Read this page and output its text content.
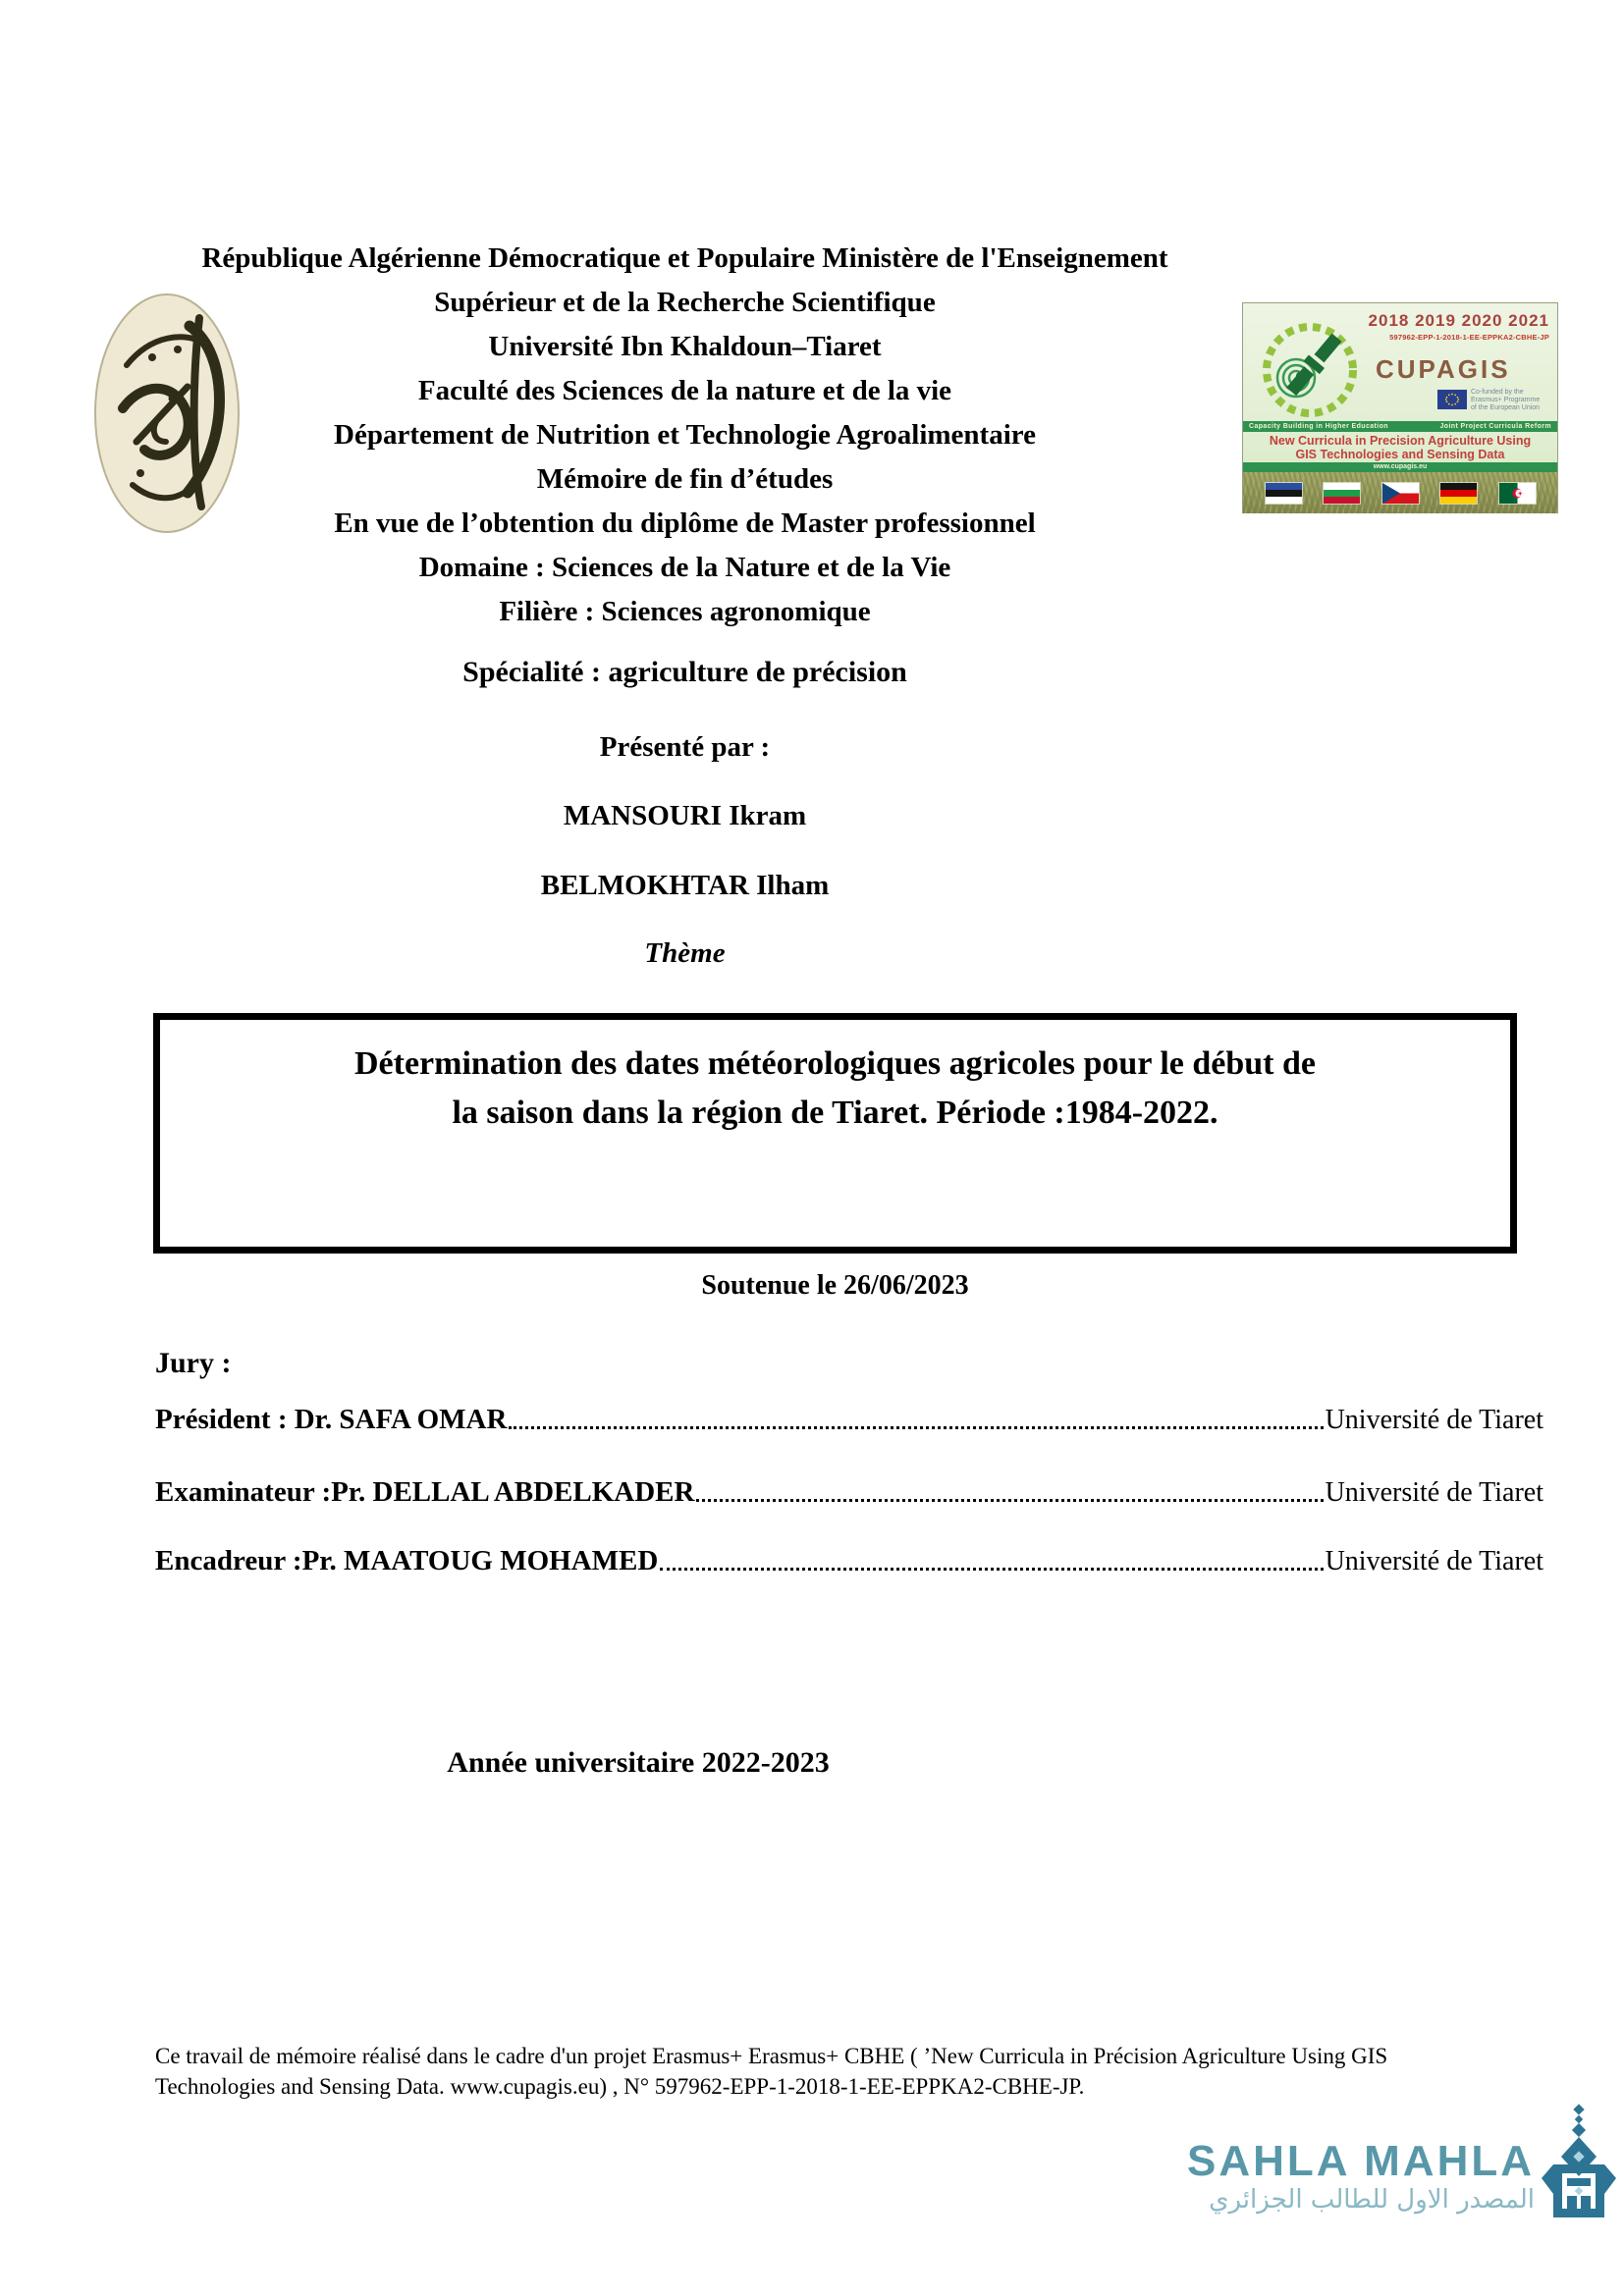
2018 2019 2020 2021
597962-EPP-1-2018-1-EE-EPPKA2-CBHE-JP
CUPAGIS
Co-funded by the
Erasmus+ Programme
of the European Union
Capacity Building in Higher Education	Joint Project Curricula Reform
New Curricula in Precision Agriculture Using
GIS Technologies and Sensing Data
www.cupagis.eu
République Algérienne Démocratique et Populaire Ministère de l'Enseignement
Supérieur et de la Recherche Scientifique
Université Ibn Khaldoun–Tiaret
Faculté des Sciences de la nature et de la vie
Département de Nutrition et Technologie Agroalimentaire
Mémoire de fin d’études
En vue de l’obtention du diplôme de Master professionnel
Domaine : Sciences de la Nature et de la Vie
Filière : Sciences agronomique
Spécialité : agriculture de précision
Présenté par :
MANSOURI Ikram
BELMOKHTAR Ilham
Thème
Détermination des dates météorologiques agricoles pour le début de
la saison dans la région de Tiaret. Période :1984-2022.
Soutenue le 26/06/2023
Jury :
Président : Dr. SAFA OMAR	Université de Tiaret
Examinateur :Pr. DELLAL ABDELKADER	Université de Tiaret
Encadreur :Pr. MAATOUG MOHAMED	Université de Tiaret
Année universitaire 2022-2023
Ce travail de mémoire réalisé dans le cadre d'un projet Erasmus+ Erasmus+ CBHE ( ’New Curricula in Précision Agriculture Using GIS
Technologies and Sensing Data. www.cupagis.eu) , N° 597962-EPP-1-2018-1-EE-EPPKA2-CBHE-JP.
SAHLA MAHLA
المصدر الاول للطالب الجزائري
